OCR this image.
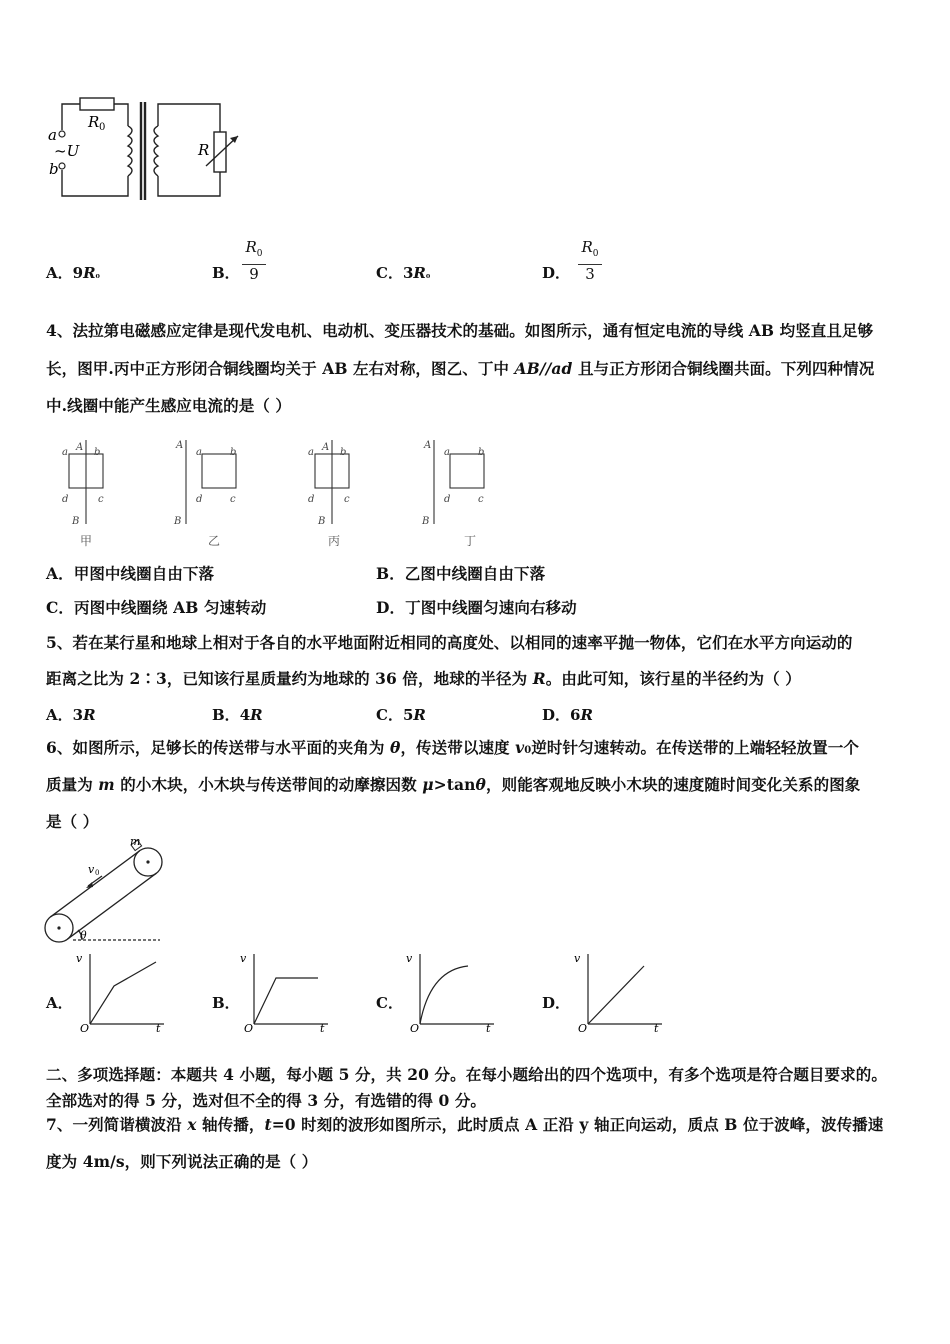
R 0
a
~U
b
R
A．9R₀	B．
$R_0$
9	C．3R₀	D．
$R_0$
3
4、法拉第电磁感应定律是现代发电机、电动机、变压器技术的基础。如图所示，通有恒定电流的导线 AB 均竖直且足够
长，图甲.丙中正方形闭合铜线圈均关于 AB 左右对称，图乙、丁中 AB//ad 且与正方形闭合铜线圈共面。下列四种情况
中.线圈中能产生感应电流的是（ ）
a A b
d	c
B
甲
A
a	b
d	c
B
乙
a A b
d	c
B
丙
A
a	b
d	c
B
丁
A．甲图中线圈自由下落	B．乙图中线圈自由下落
C．丙图中线圈绕 AB 匀速转动	D．丁图中线圈匀速向右移动
5、若在某行星和地球上相对于各自的水平地面附近相同的高度处、以相同的速率平抛一物体，它们在水平方向运动的
距离之比为 2∶3，已知该行星质量约为地球的 36 倍，地球的半径为 R。由此可知，该行星的半径约为（ ）
A．3R	B．4R	C．5R	D．6R
6、如图所示，足够长的传送带与水平面的夹角为 θ，传送带以速度 v0逆时针匀速转动。在传送带的上端轻轻放置一个
质量为 m 的小木块，小木块与传送带间的动摩擦因数 μ>tanθ，则能客观地反映小木块的速度随时间变化关系的图象
是（ ）
m
v 0
θ
A．
v
O	t
B．
v
O	t
C．
v
O	t
D．
v
O	t
二、多项选择题：本题共 4 小题，每小题 5 分，共 20 分。在每小题给出的四个选项中，有多个选项是符合题目要求的。
全部选对的得 5 分，选对但不全的得 3 分，有选错的得 0 分。
7、一列简谐横波沿 x 轴传播，t=0 时刻的波形如图所示，此时质点 A 正沿 y 轴正向运动，质点 B 位于波峰，波传播速
度为 4m/s，则下列说法正确的是（ ）
